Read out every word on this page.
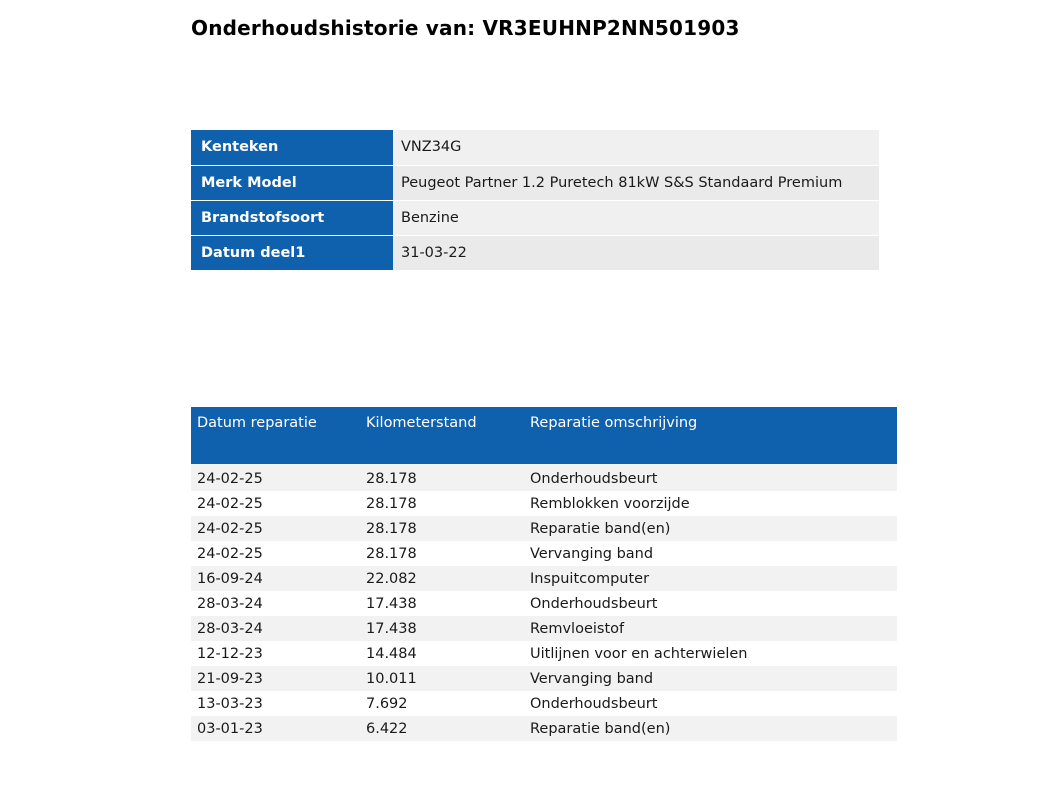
Onderhoudshistorie van: VR3EUHNP2NN501903
Kenteken	VNZ34G
Merk Model	Peugeot Partner 1.2 Puretech 81kW S&S Standaard Premium
Brandstofsoort	Benzine
Datum deel1	31-03-22
Datum reparatie	Kilometerstand	Reparatie omschrijving
24-02-25	28.178	Onderhoudsbeurt
24-02-25	28.178	Remblokken voorzijde
24-02-25	28.178	Reparatie band(en)
24-02-25	28.178	Vervanging band
16-09-24	22.082	Inspuitcomputer
28-03-24	17.438	Onderhoudsbeurt
28-03-24	17.438	Remvloeistof
12-12-23	14.484	Uitlijnen voor en achterwielen
21-09-23	10.011	Vervanging band
13-03-23	7.692	Onderhoudsbeurt
03-01-23	6.422	Reparatie band(en)
